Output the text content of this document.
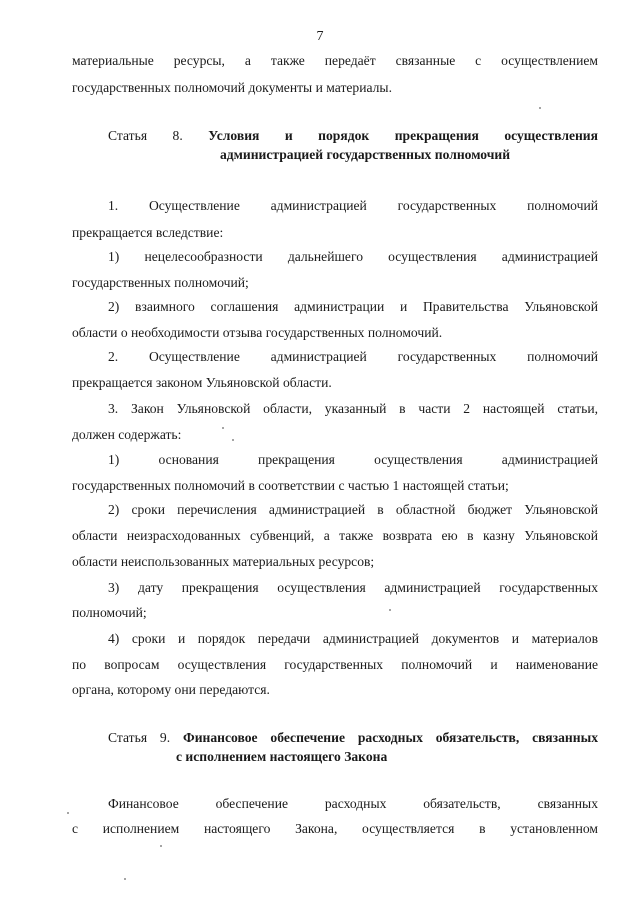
7

материальные ресурсы, а также передаёт связанные с осуществлением

государственных полномочий документы и материалы.

Статья 8. Условия и порядок прекращения осуществления
администрацией государственных полномочий

1. Осуществление администрацией государственных полномочий

прекращается вследствие:

1) нецелесообразности дальнейшего осуществления администрацией

государственных полномочий;

2) взаимного соглашения администрации и Правительства Ульяновской

области о необходимости отзыва государственных полномочий.

2. Осуществление администрацией государственных полномочий

прекращается законом Ульяновской области.

3. Закон Ульяновской области, указанный в части 2 настоящей статьи,

должен содержать:

1) основания прекращения осуществления администрацией

государственных полномочий в соответствии с частью 1 настоящей статьи;

2) сроки перечисления администрацией в областной бюджет Ульяновской

области неизрасходованных субвенций, а также возврата ею в казну Ульяновской

области неиспользованных материальных ресурсов;

3) дату прекращения осуществления администрацией государственных

полномочий;

4) сроки и порядок передачи администрацией документов и материалов

по вопросам осуществления государственных полномочий и наименование

органа, которому они передаются.

Статья 9. Финансовое обеспечение расходных обязательств, связанных
с исполнением настоящего Закона

Финансовое обеспечение расходных обязательств, связанных

с исполнением настоящего Закона, осуществляется в установленном
